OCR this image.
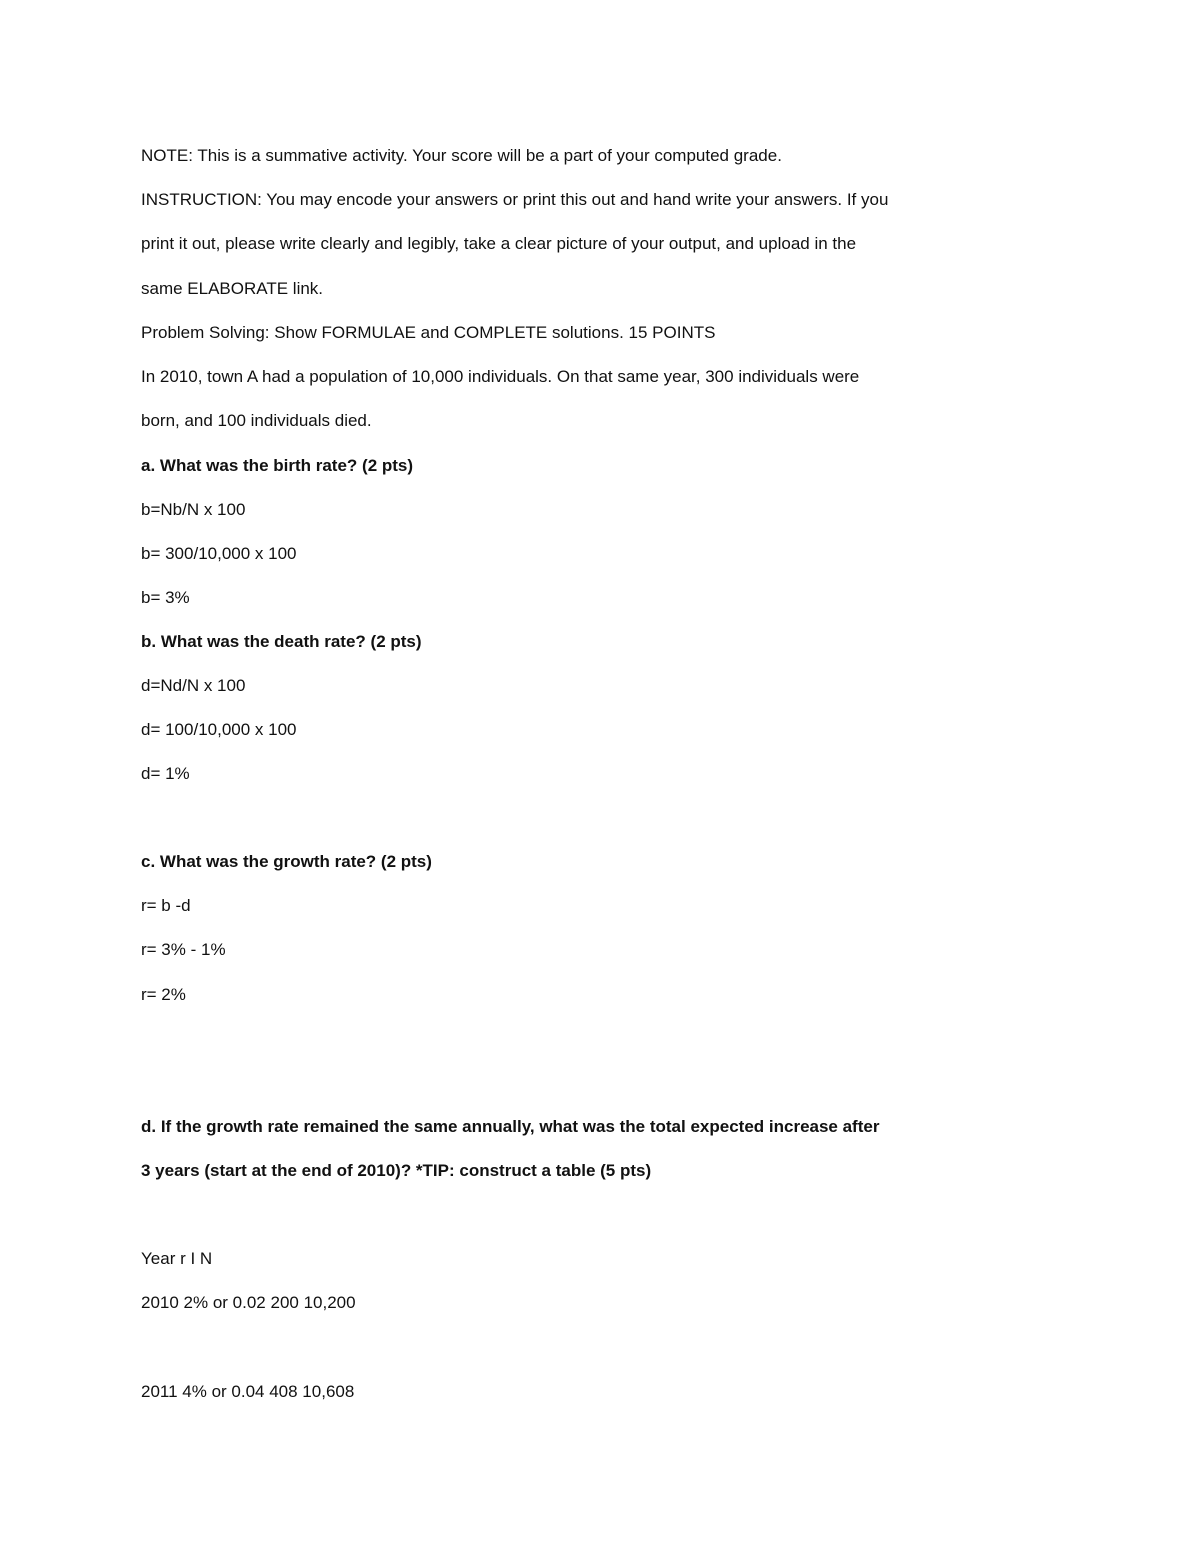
NOTE: This is a summative activity. Your score will be a part of your computed grade.
INSTRUCTION: You may encode your answers or print this out and hand write your answers. If you
print it out, please write clearly and legibly, take a clear picture of your output, and upload in the
same ELABORATE link.
Problem Solving: Show FORMULAE and COMPLETE solutions. 15 POINTS
In 2010, town A had a population of 10,000 individuals. On that same year, 300 individuals were
born, and 100 individuals died.
a. What was the birth rate? (2 pts)
b=Nb/N x 100
b= 300/10,000 x 100
b= 3%
b. What was the death rate? (2 pts)
d=Nd/N x 100
d= 100/10,000 x 100
d= 1%
c. What was the growth rate? (2 pts)
r= b -d
r= 3% - 1%
r= 2%
d. If the growth rate remained the same annually, what was the total expected increase after
3 years (start at the end of 2010)? *TIP: construct a table (5 pts)
Year r I N
2010 2% or 0.02 200 10,200
2011 4% or 0.04 408 10,608
